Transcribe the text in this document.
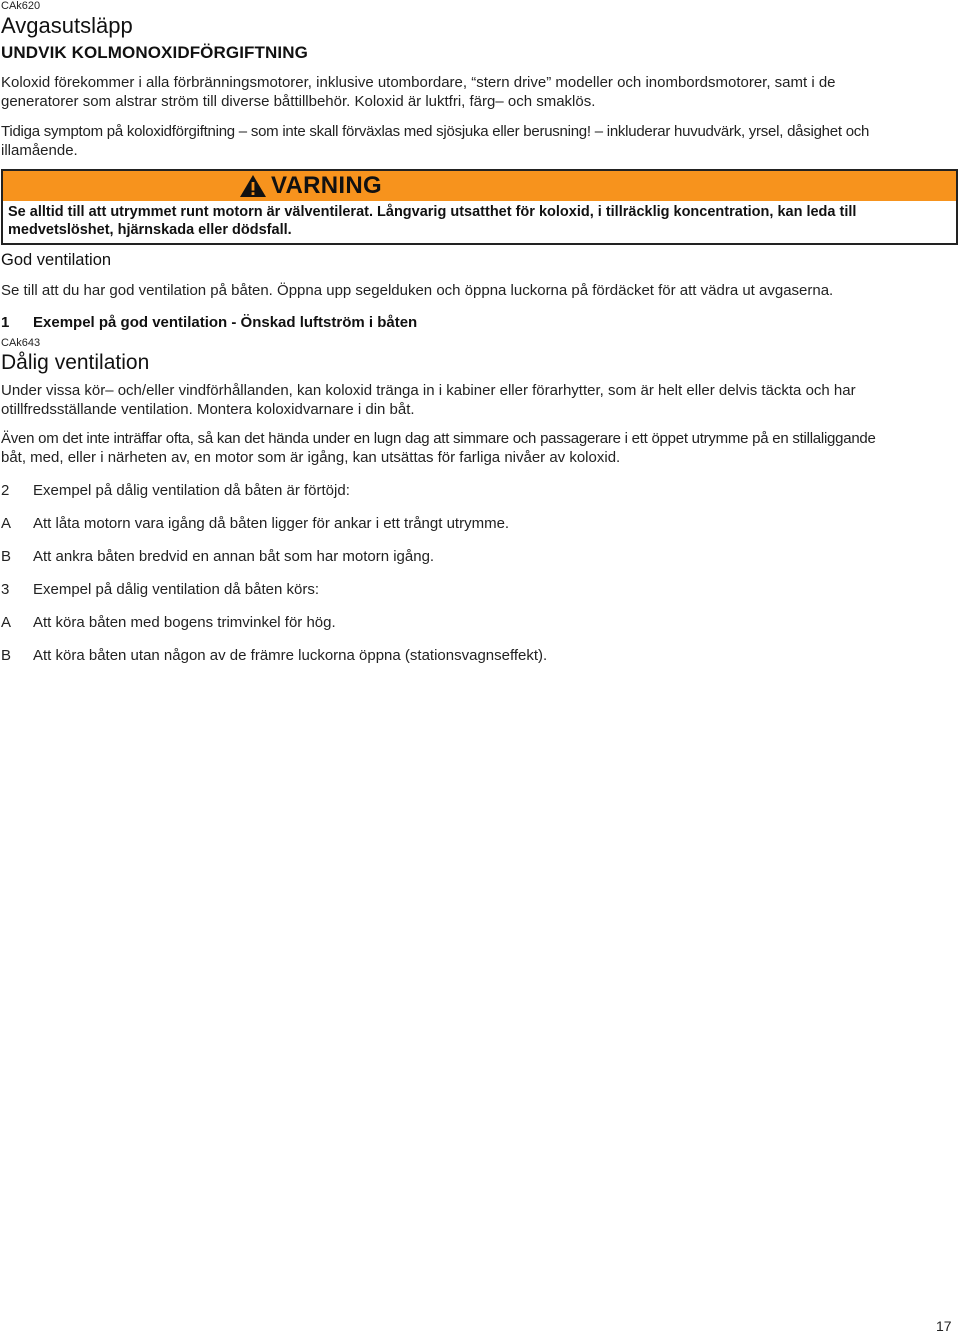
CAk620
Avgasutsläpp
UNDVIK KOLMONOXIDFÖRGIFTNING
Koloxid förekommer i alla förbränningsmotorer, inklusive utombordare, “stern drive” modeller och inombordsmotorer, samt i de
generatorer som alstrar ström till diverse båttillbehör. Koloxid är luktfri, färg– och smaklös.
Tidiga symptom på koloxidförgiftning – som inte skall förväxlas med sjösjuka eller berusning! – inkluderar huvudvärk, yrsel, dåsighet och
illamående.
VARNING
Se alltid till att utrymmet runt motorn är välventilerat. Långvarig utsatthet för koloxid, i tillräcklig koncentration, kan leda till
medvetslöshet, hjärnskada eller dödsfall.
God ventilation
Se till att du har god ventilation på båten. Öppna upp segelduken och öppna luckorna på fördäcket för att vädra ut avgaserna.
1 Exempel på god ventilation - Önskad luftström i båten
CAk643
Dålig ventilation
Under vissa kör– och/eller vindförhållanden, kan koloxid tränga in i kabiner eller förarhytter, som är helt eller delvis täckta och har
otillfredsställande ventilation. Montera koloxidvarnare i din båt.
Även om det inte inträffar ofta, så kan det hända under en lugn dag att simmare och passagerare i ett öppet utrymme på en stillaliggande
båt, med, eller i närheten av, en motor som är igång, kan utsättas för farliga nivåer av koloxid.
2 Exempel på dålig ventilation då båten är förtöjd:
A Att låta motorn vara igång då båten ligger för ankar i ett trångt utrymme.
B Att ankra båten bredvid en annan båt som har motorn igång.
3 Exempel på dålig ventilation då båten körs:
A Att köra båten med bogens trimvinkel för hög.
B Att köra båten utan någon av de främre luckorna öppna (stationsvagnseffekt).
17
